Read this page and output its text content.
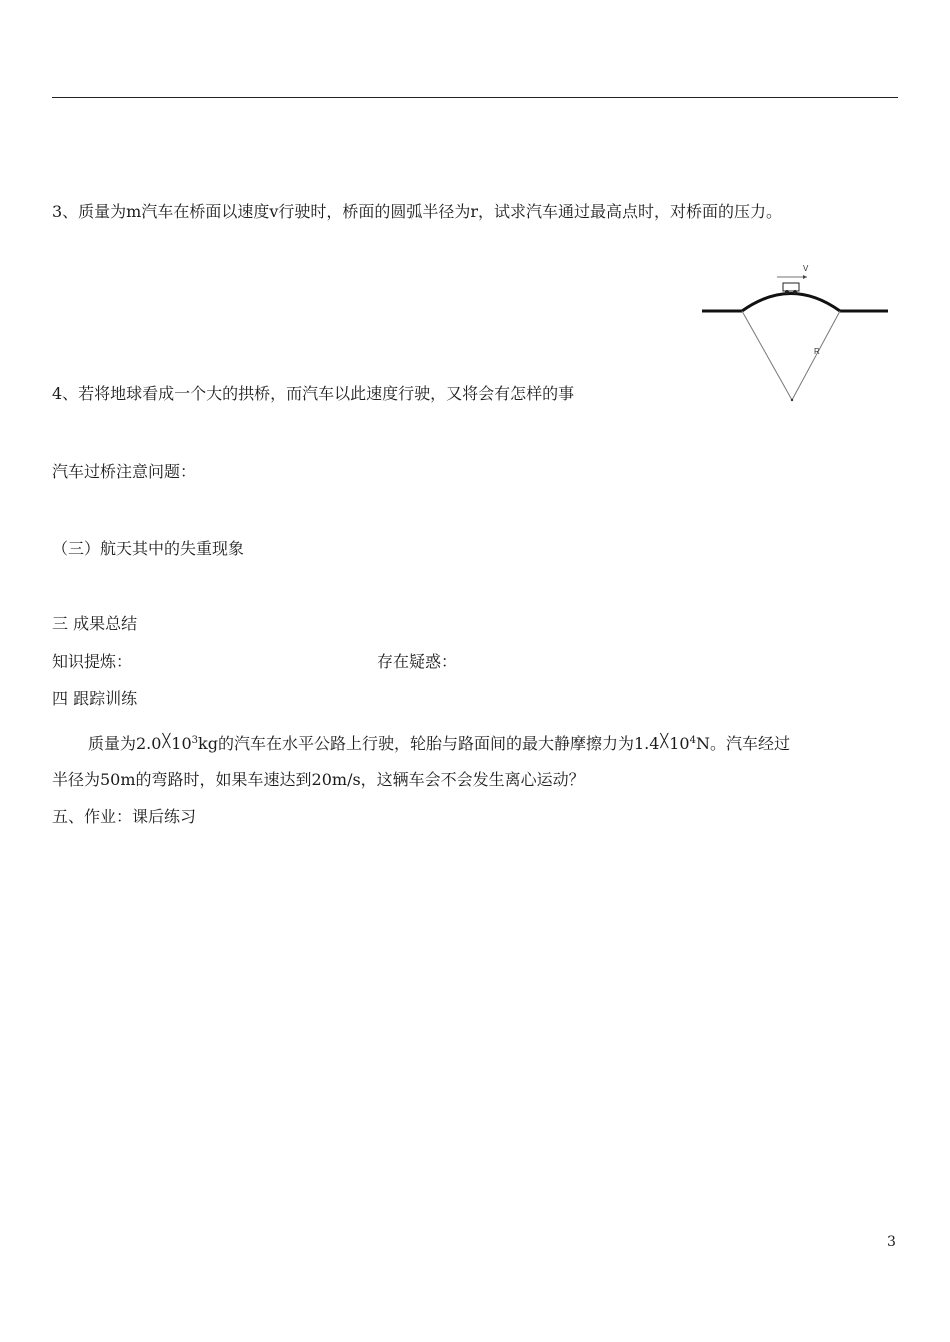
3、质量为m汽车在桥面以速度v行驶时，桥面的圆弧半径为r，试求汽车通过最高点时，对桥面的压力。
V
R
4、若将地球看成一个大的拱桥，而汽车以此速度行驶，又将会有怎样的事
汽车过桥注意问题：
（三）航天其中的失重现象
三 成果总结
知识提炼：	存在疑惑：
四 跟踪训练
质量为$2.0^╳10^3kg$的汽车在水平公路上行驶，轮胎与路面间的最大静摩擦力为$1.4^╳10^4N$。汽车经过
半径为50m的弯路时，如果车速达到20m/s，这辆车会不会发生离心运动？
五、作业：课后练习
3
